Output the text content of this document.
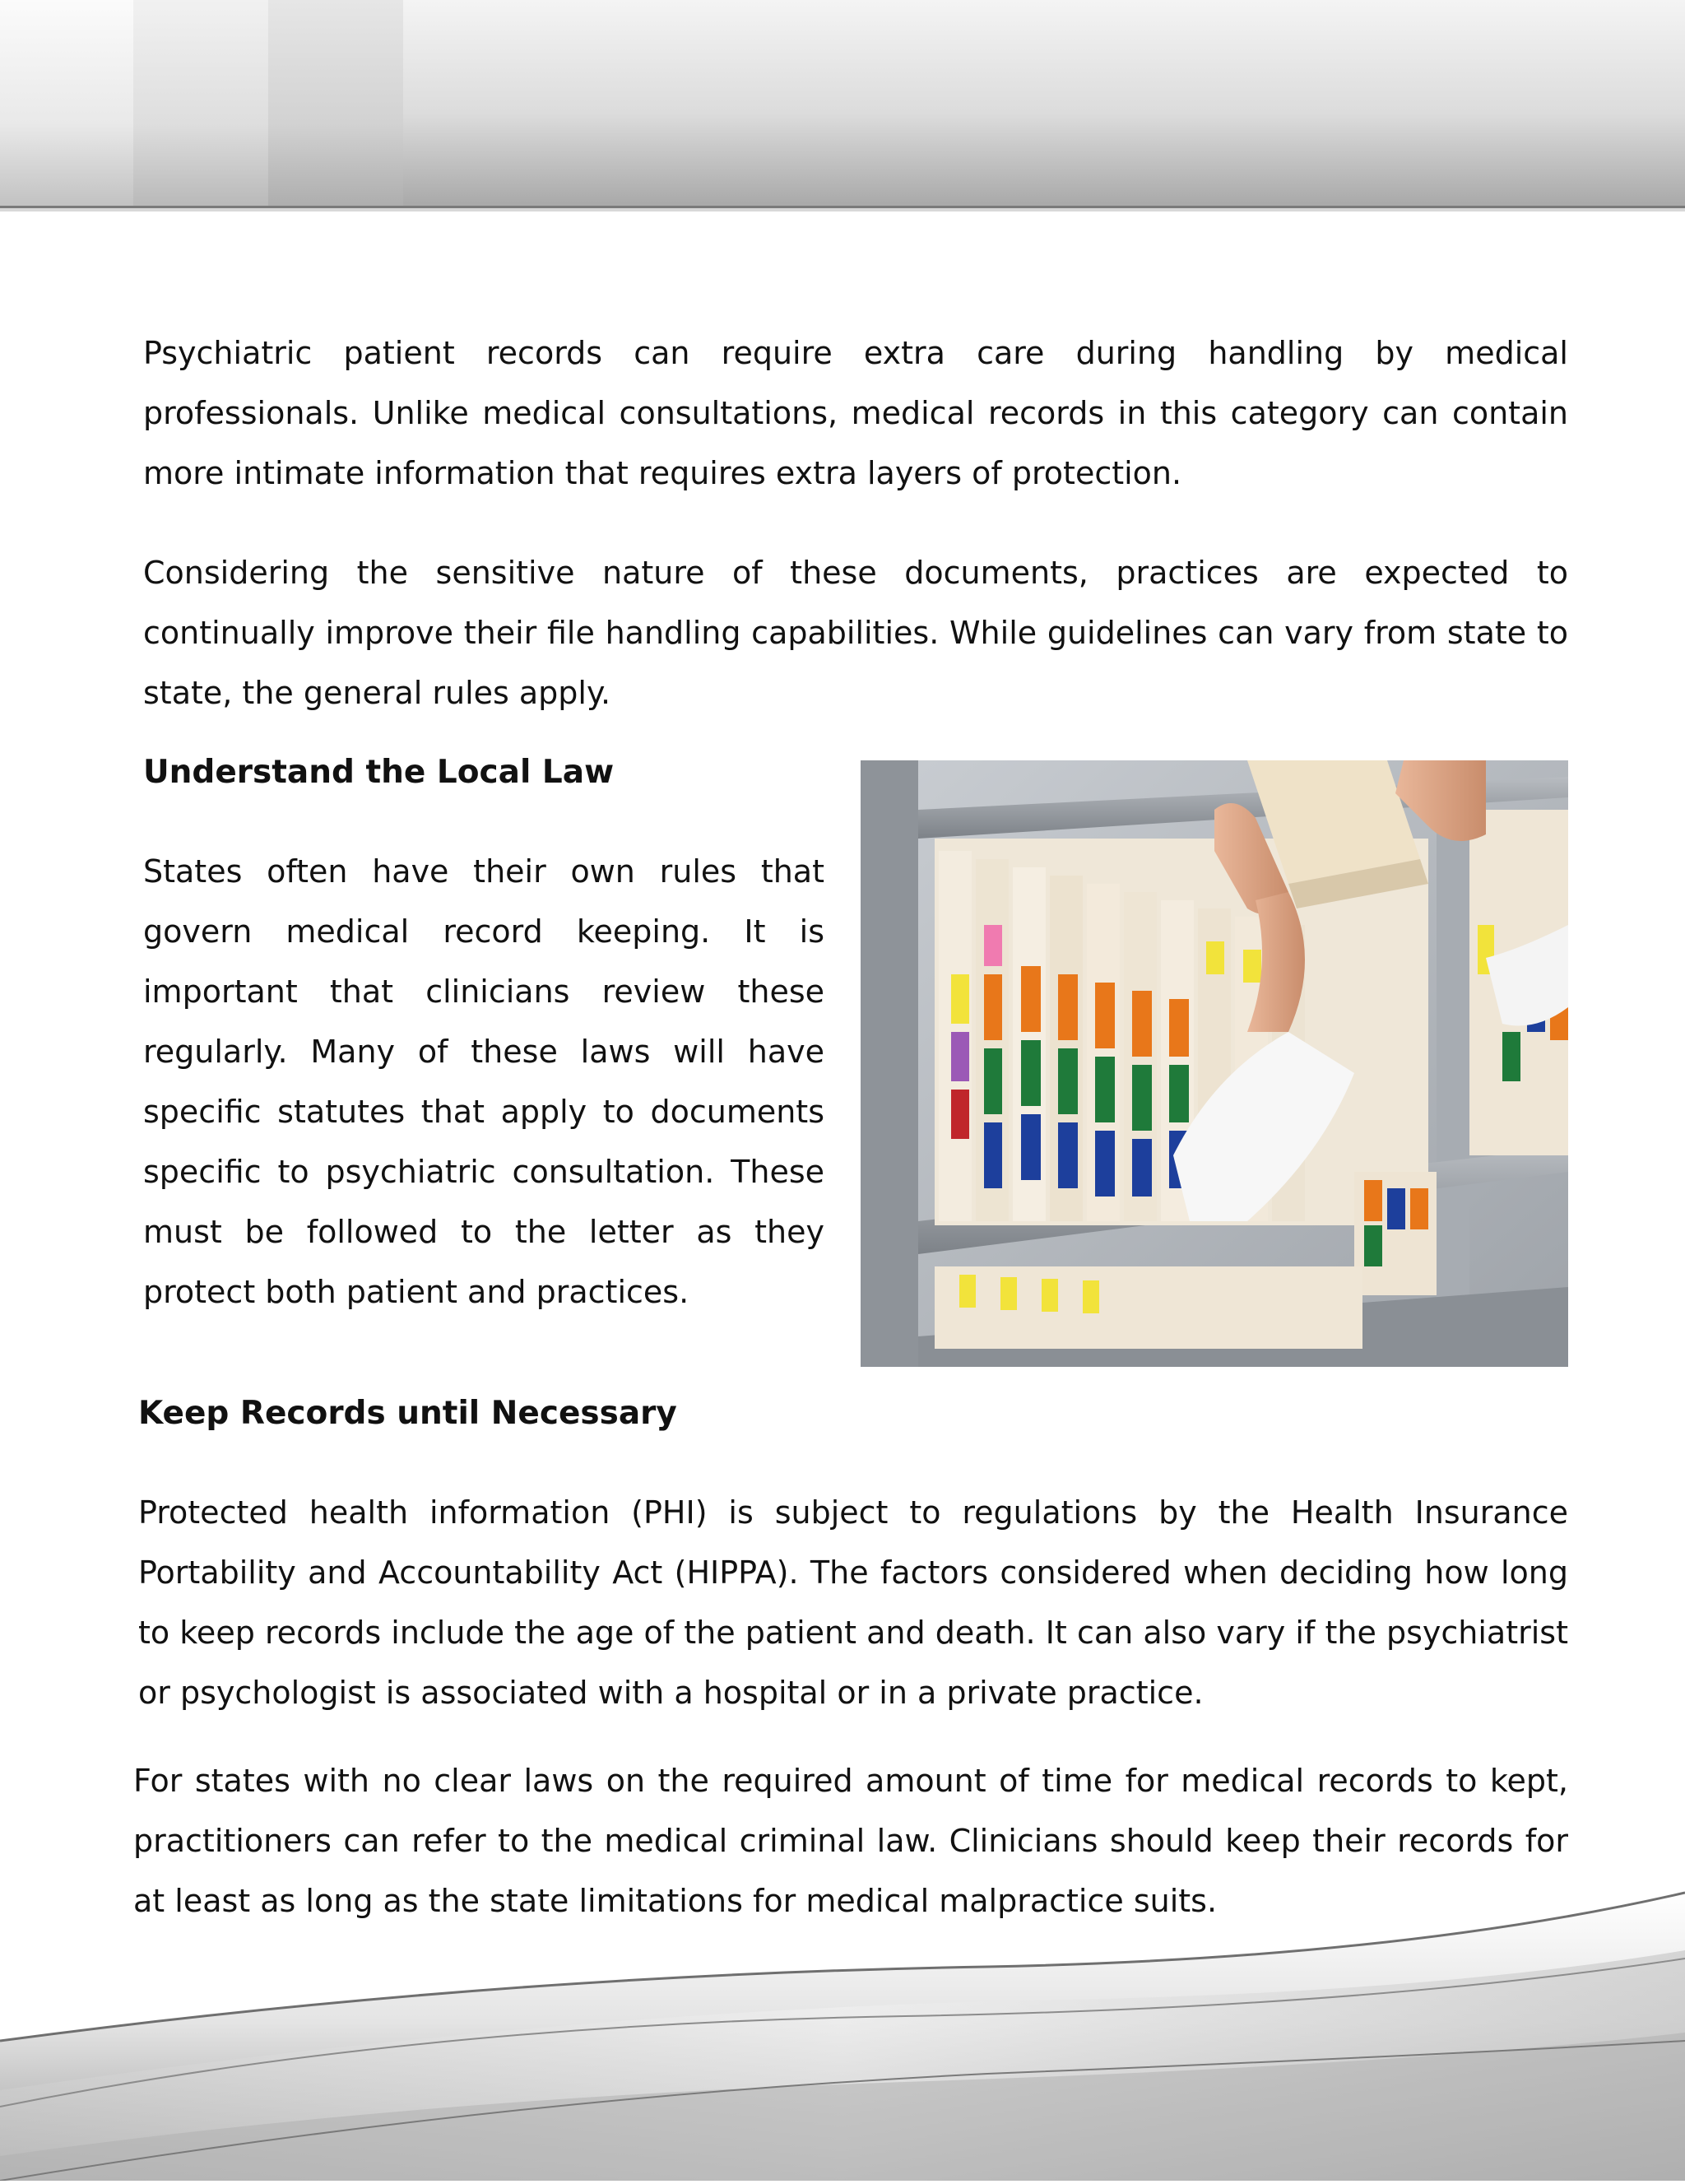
Psychiatric patient records can require extra care during handling by medical professionals. Unlike medical consultations, medical records in this category can contain more intimate information that requires extra layers of protection.

Considering the sensitive nature of these documents, practices are expected to continually improve their file handling capabilities. While guidelines can vary from state to state, the general rules apply.

Understand the Local Law

States often have their own rules that govern medical record keeping. It is important that clinicians review these regularly. Many of these laws will have specific statutes that apply to documents specific to psychiatric consultation. These must be followed to the letter as they protect both patient and practices.

Keep Records until Necessary

Protected health information (PHI) is subject to regulations by the Health Insurance Portability and Accountability Act (HIPPA). The factors considered when deciding how long to keep records include the age of the patient and death. It can also vary if the psychiatrist or psychologist is associated with a hospital or in a private practice.

For states with no clear laws on the required amount of time for medical records to kept, practitioners can refer to the medical criminal law. Clinicians should keep their records for at least as long as the state limitations for medical malpractice suits.
